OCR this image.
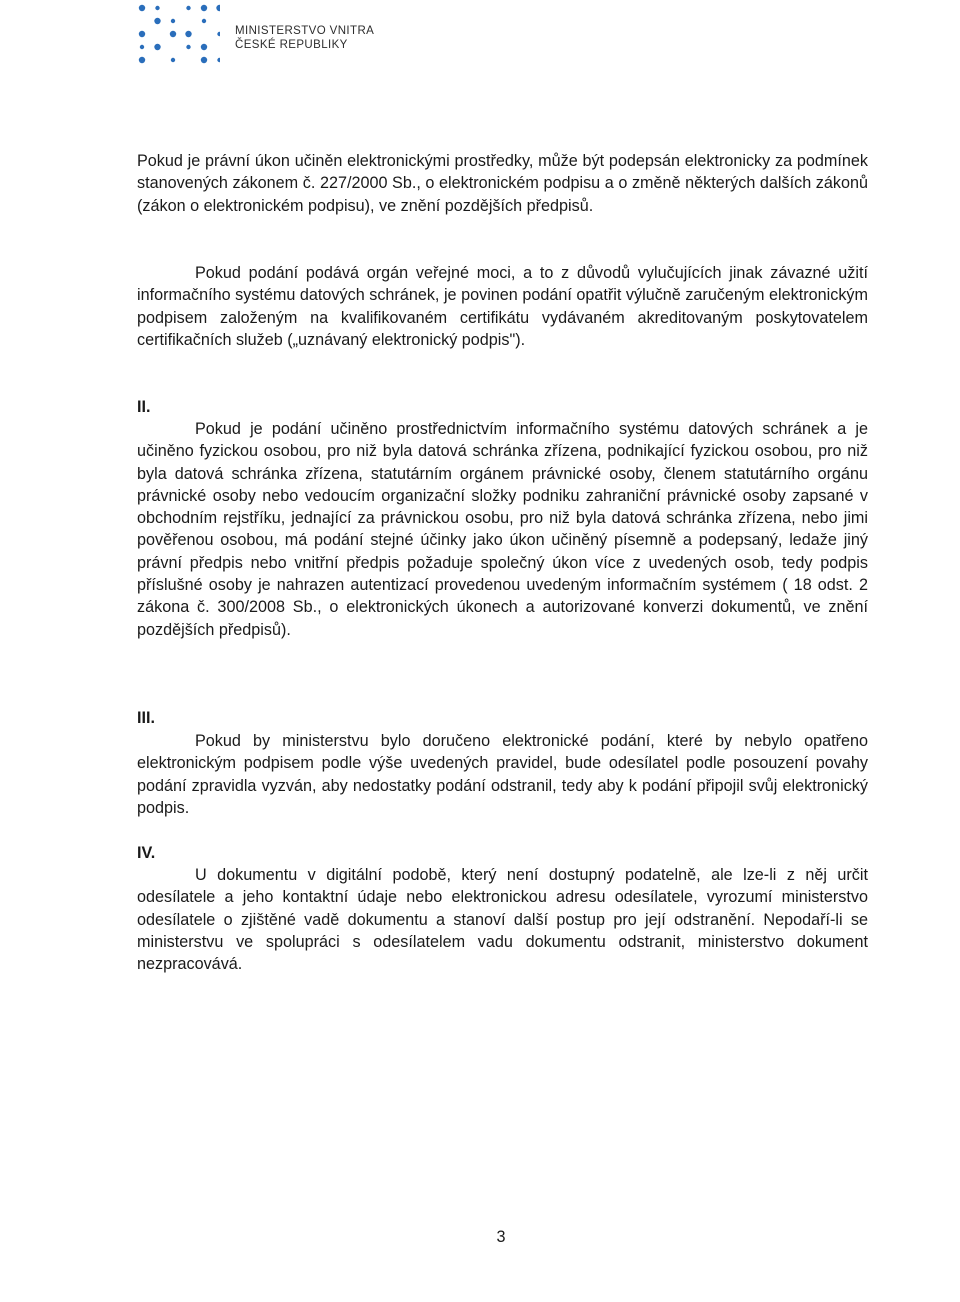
MINISTERSTVO VNITRA
ČESKÉ REPUBLIKY

Pokud je právní úkon učiněn elektronickými prostředky, může být podepsán elektronicky za podmínek stanovených zákonem č. 227/2000 Sb., o elektronickém podpisu a o změně některých dalších zákonů (zákon o elektronickém podpisu), ve znění pozdějších předpisů.

Pokud podání podává orgán veřejné moci, a to z důvodů vylučujících jinak závazné užití informačního systému datových schránek, je povinen podání opatřit výlučně zaručeným elektronickým podpisem založeným na kvalifikovaném certifikátu vydávaném akreditovaným poskytovatelem certifikačních služeb („uznávaný elektronický podpis").

II.

Pokud je podání učiněno prostřednictvím informačního systému datových schránek a je učiněno fyzickou osobou, pro niž byla datová schránka zřízena, podnikající fyzickou osobou, pro niž byla datová schránka zřízena, statutárním orgánem právnické osoby, členem statutárního orgánu právnické osoby nebo vedoucím organizační složky podniku zahraniční právnické osoby zapsané v obchodním rejstříku, jednající za právnickou osobu, pro niž byla datová schránka zřízena, nebo jimi pověřenou osobou, má podání stejné účinky jako úkon učiněný písemně a podepsaný, ledaže jiný právní předpis nebo vnitřní předpis požaduje společný úkon více z uvedených osob, tedy podpis příslušné osoby je nahrazen autentizací provedenou uvedeným informačním systémem ( 18 odst. 2 zákona č. 300/2008 Sb., o elektronických úkonech a autorizované konverzi dokumentů, ve znění pozdějších předpisů).

III.

Pokud by ministerstvu bylo doručeno elektronické podání, které by nebylo opatřeno elektronickým podpisem podle výše uvedených pravidel, bude odesílatel podle posouzení povahy podání zpravidla vyzván, aby nedostatky podání odstranil, tedy aby k podání připojil svůj elektronický podpis.

IV.

U dokumentu v digitální podobě, který není dostupný podatelně, ale lze-li z něj určit odesílatele a jeho kontaktní údaje nebo elektronickou adresu odesílatele, vyrozumí ministerstvo odesílatele o zjištěné vadě dokumentu a stanoví další postup pro její odstranění. Nepodaří-li se ministerstvu ve spolupráci s odesílatelem vadu dokumentu odstranit, ministerstvo dokument nezpracovává.

3
